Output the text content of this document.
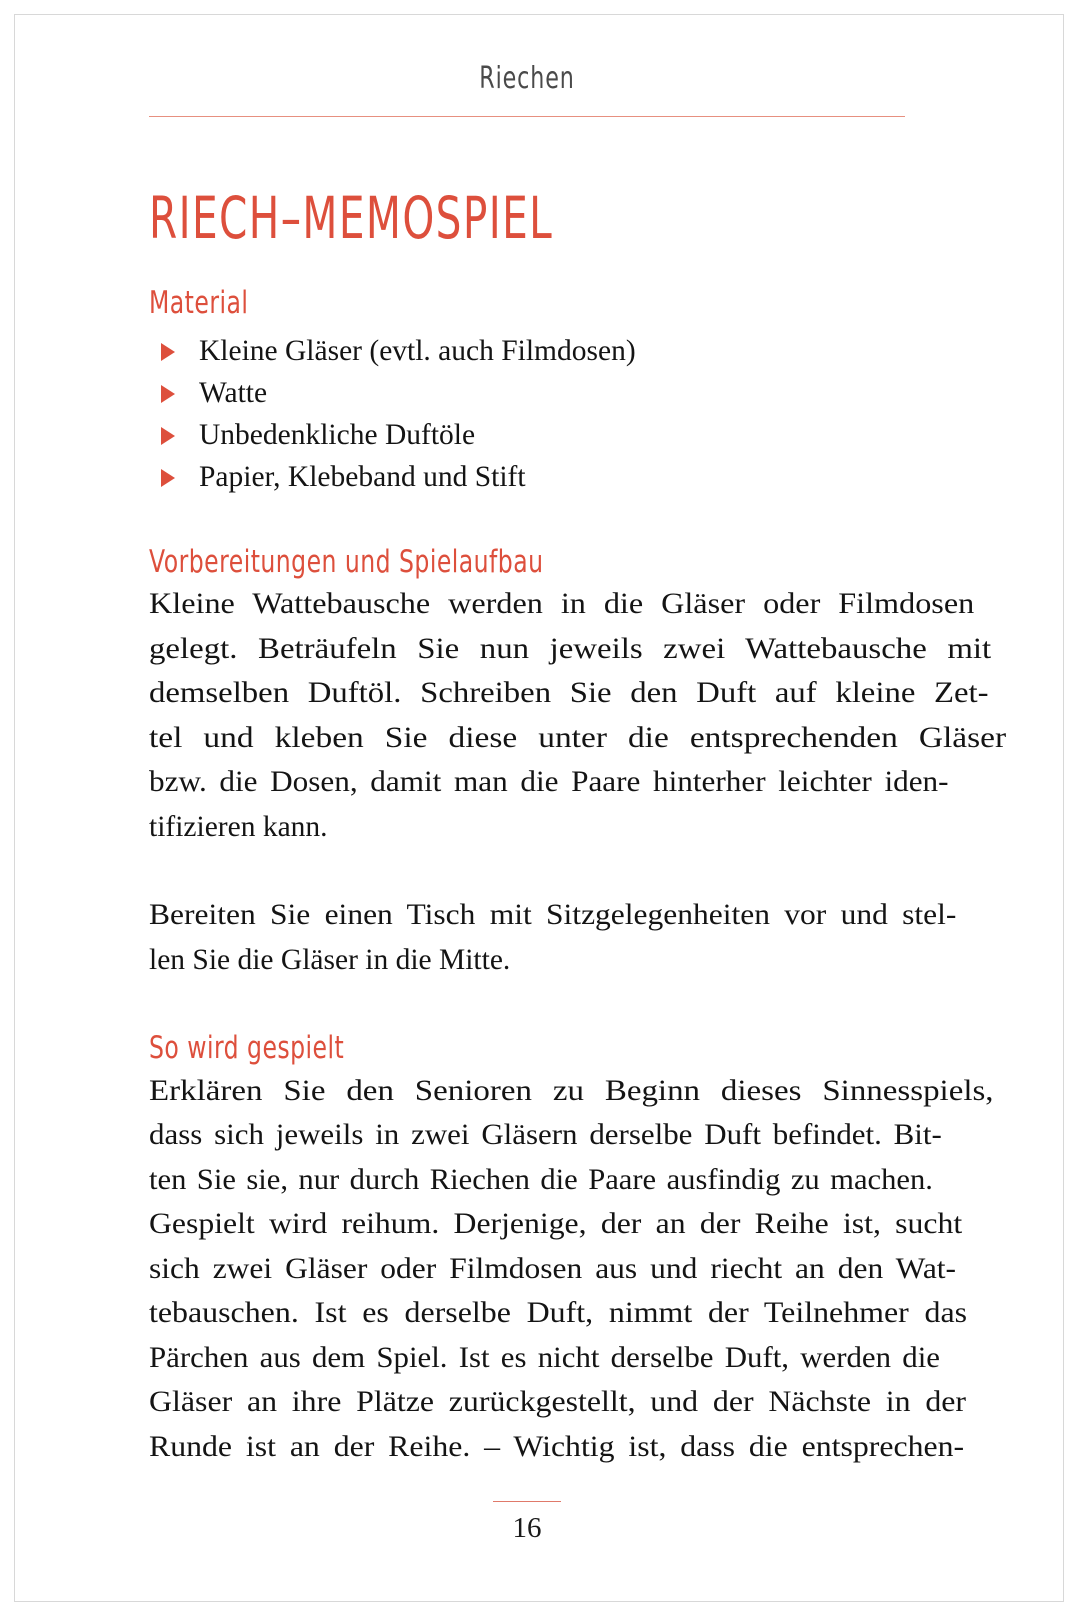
Riechen
RIECH–MEMOSPIEL
Material
Kleine Gläser (evtl. auch Filmdosen)
Watte
Unbedenkliche Duftöle
Papier, Klebeband und Stift
Vorbereitungen und Spielaufbau
Kleine Wattebausche werden in die Gläser oder Filmdosen
gelegt. Beträufeln Sie nun jeweils zwei Wattebausche mit
demselben Duftöl. Schreiben Sie den Duft auf kleine Zet-
tel und kleben Sie diese unter die entsprechenden Gläser
bzw. die Dosen, damit man die Paare hinterher leichter iden-
tifizieren kann.
Bereiten Sie einen Tisch mit Sitzgelegenheiten vor und stel-
len Sie die Gläser in die Mitte.
So wird gespielt
Erklären Sie den Senioren zu Beginn dieses Sinnesspiels,
dass sich jeweils in zwei Gläsern derselbe Duft befindet. Bit-
ten Sie sie, nur durch Riechen die Paare ausfindig zu machen.
Gespielt wird reihum. Derjenige, der an der Reihe ist, sucht
sich zwei Gläser oder Filmdosen aus und riecht an den Wat-
tebauschen. Ist es derselbe Duft, nimmt der Teilnehmer das
Pärchen aus dem Spiel. Ist es nicht derselbe Duft, werden die
Gläser an ihre Plätze zurückgestellt, und der Nächste in der
Runde ist an der Reihe. – Wichtig ist, dass die entsprechen-
16
